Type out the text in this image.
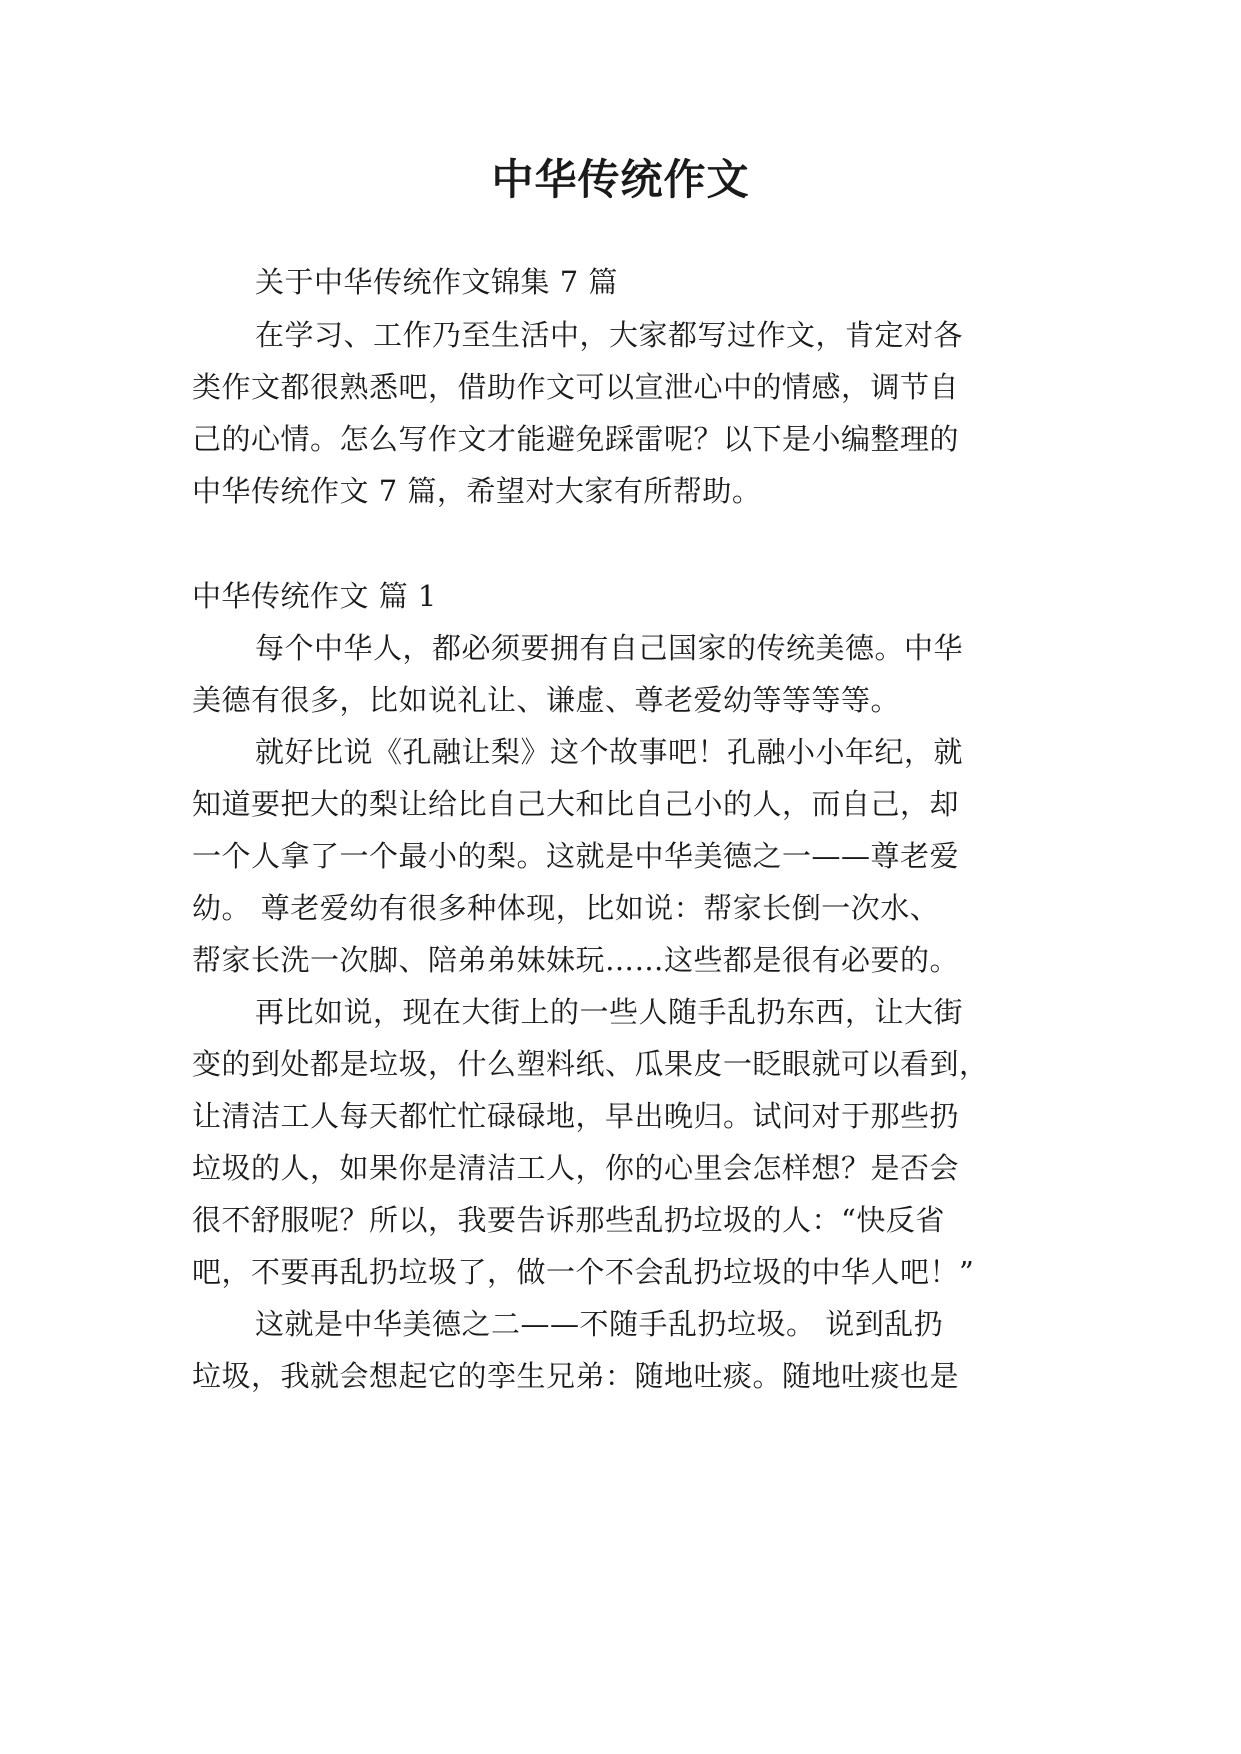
中华传统作文
关于中华传统作文锦集 7 篇
在学习、工作乃至生活中，大家都写过作文，肯定对各
类作文都很熟悉吧，借助作文可以宣泄心中的情感，调节自
己的心情。怎么写作文才能避免踩雷呢？以下是小编整理的
中华传统作文 7 篇，希望对大家有所帮助。
中华传统作文 篇 1
每个中华人，都必须要拥有自己国家的传统美德。中华
美德有很多，比如说礼让、谦虚、尊老爱幼等等等等。
就好比说《孔融让梨》这个故事吧！孔融小小年纪，就
知道要把大的梨让给比自己大和比自己小的人，而自己，却
一个人拿了一个最小的梨。这就是中华美德之一——尊老爱
幼。 尊老爱幼有很多种体现，比如说：帮家长倒一次水、
帮家长洗一次脚、陪弟弟妹妹玩……这些都是很有必要的。
再比如说，现在大街上的一些人随手乱扔东西，让大街
变的到处都是垃圾，什么塑料纸、瓜果皮一眨眼就可以看到，
让清洁工人每天都忙忙碌碌地，早出晚归。试问对于那些扔
垃圾的人，如果你是清洁工人，你的心里会怎样想？是否会
很不舒服呢？所以，我要告诉那些乱扔垃圾的人：“快反省
吧，不要再乱扔垃圾了，做一个不会乱扔垃圾的中华人吧！”
这就是中华美德之二——不随手乱扔垃圾。 说到乱扔
垃圾，我就会想起它的孪生兄弟：随地吐痰。随地吐痰也是
